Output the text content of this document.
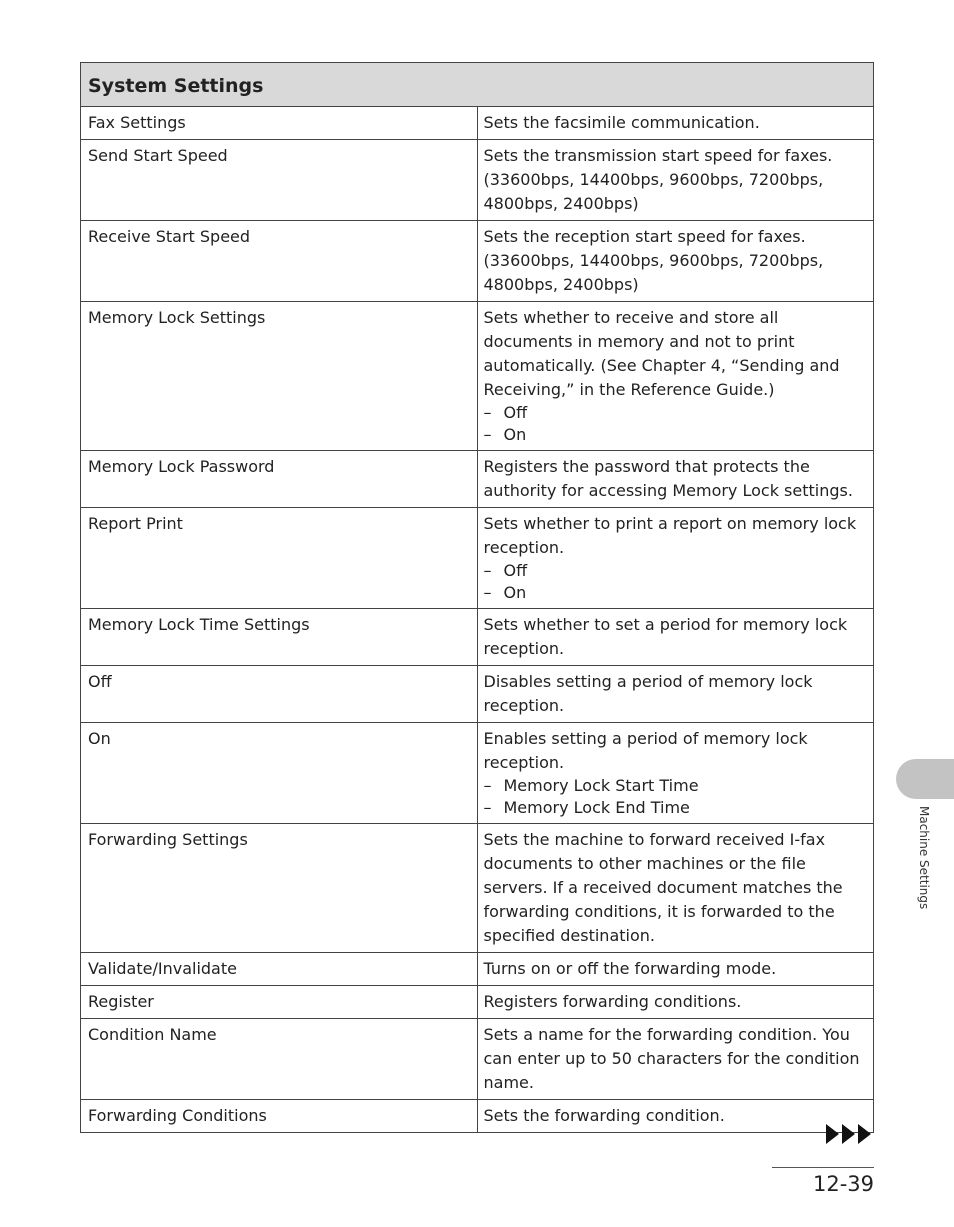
System Settings	
Fax Settings	Sets the facsimile communication.
Send Start Speed	Sets the transmission start speed for faxes. (33600bps, 14400bps, 9600bps, 7200bps, 4800bps, 2400bps)
Receive Start Speed	Sets the reception start speed for faxes. (33600bps, 14400bps, 9600bps, 7200bps, 4800bps, 2400bps)
Memory Lock Settings	Sets whether to receive and store all documents in memory and not to print automatically. (See Chapter 4, “Sending and Receiving,” in the Reference Guide.)
– Off
– On

Memory Lock Password	Registers the password that protects the authority for accessing Memory Lock settings.
Report Print	Sets whether to print a report on memory lock reception.
– Off
– On

Memory Lock Time Settings	Sets whether to set a period for memory lock reception.
Off	Disables setting a period of memory lock reception.
On	Enables setting a period of memory lock reception.
– Memory Lock Start Time
– Memory Lock End Time

Forwarding Settings	Sets the machine to forward received I-fax documents to other machines or the file servers. If a received document matches the forwarding conditions, it is forwarded to the specified destination.
Validate/Invalidate	Turns on or off the forwarding mode.
Register	Registers forwarding conditions.
Condition Name	Sets a name for the forwarding condition. You can enter up to 50 characters for the condition name.
Forwarding Conditions	Sets the forwarding condition.
Machine Settings
12-39
